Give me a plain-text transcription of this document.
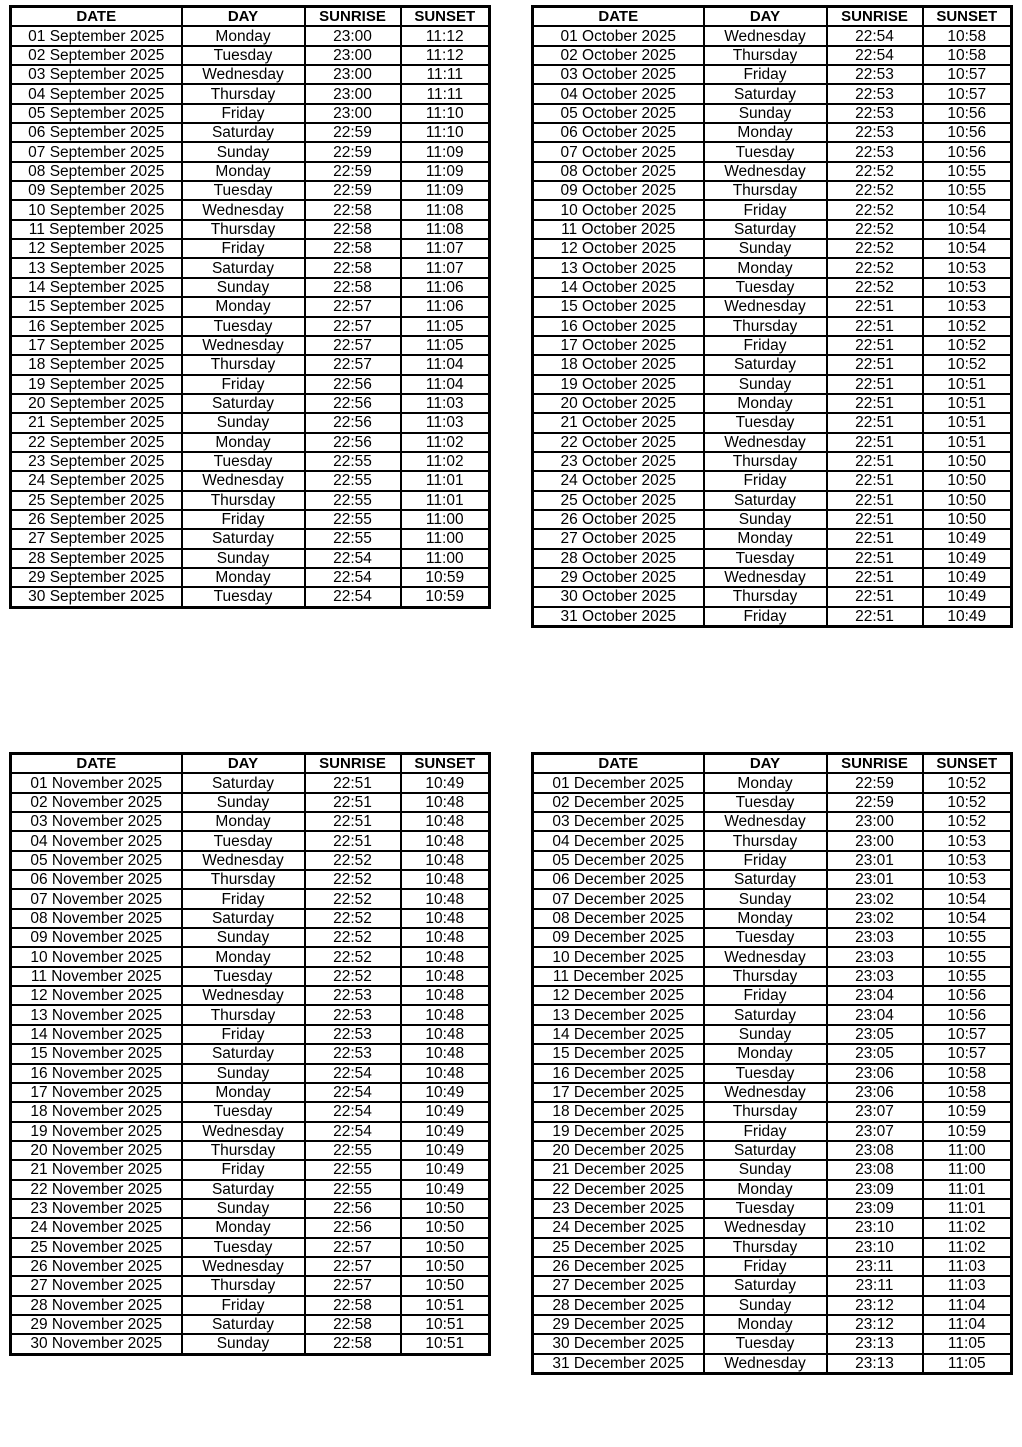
DATE	DAY	SUNRISE	SUNSET
01 September 2025	Monday	23:00	11:12
02 September 2025	Tuesday	23:00	11:12
03 September 2025	Wednesday	23:00	11:11
04 September 2025	Thursday	23:00	11:11
05 September 2025	Friday	23:00	11:10
06 September 2025	Saturday	22:59	11:10
07 September 2025	Sunday	22:59	11:09
08 September 2025	Monday	22:59	11:09
09 September 2025	Tuesday	22:59	11:09
10 September 2025	Wednesday	22:58	11:08
11 September 2025	Thursday	22:58	11:08
12 September 2025	Friday	22:58	11:07
13 September 2025	Saturday	22:58	11:07
14 September 2025	Sunday	22:58	11:06
15 September 2025	Monday	22:57	11:06
16 September 2025	Tuesday	22:57	11:05
17 September 2025	Wednesday	22:57	11:05
18 September 2025	Thursday	22:57	11:04
19 September 2025	Friday	22:56	11:04
20 September 2025	Saturday	22:56	11:03
21 September 2025	Sunday	22:56	11:03
22 September 2025	Monday	22:56	11:02
23 September 2025	Tuesday	22:55	11:02
24 September 2025	Wednesday	22:55	11:01
25 September 2025	Thursday	22:55	11:01
26 September 2025	Friday	22:55	11:00
27 September 2025	Saturday	22:55	11:00
28 September 2025	Sunday	22:54	11:00
29 September 2025	Monday	22:54	10:59
30 September 2025	Tuesday	22:54	10:59
DATE	DAY	SUNRISE	SUNSET
01 October 2025	Wednesday	22:54	10:58
02 October 2025	Thursday	22:54	10:58
03 October 2025	Friday	22:53	10:57
04 October 2025	Saturday	22:53	10:57
05 October 2025	Sunday	22:53	10:56
06 October 2025	Monday	22:53	10:56
07 October 2025	Tuesday	22:53	10:56
08 October 2025	Wednesday	22:52	10:55
09 October 2025	Thursday	22:52	10:55
10 October 2025	Friday	22:52	10:54
11 October 2025	Saturday	22:52	10:54
12 October 2025	Sunday	22:52	10:54
13 October 2025	Monday	22:52	10:53
14 October 2025	Tuesday	22:52	10:53
15 October 2025	Wednesday	22:51	10:53
16 October 2025	Thursday	22:51	10:52
17 October 2025	Friday	22:51	10:52
18 October 2025	Saturday	22:51	10:52
19 October 2025	Sunday	22:51	10:51
20 October 2025	Monday	22:51	10:51
21 October 2025	Tuesday	22:51	10:51
22 October 2025	Wednesday	22:51	10:51
23 October 2025	Thursday	22:51	10:50
24 October 2025	Friday	22:51	10:50
25 October 2025	Saturday	22:51	10:50
26 October 2025	Sunday	22:51	10:50
27 October 2025	Monday	22:51	10:49
28 October 2025	Tuesday	22:51	10:49
29 October 2025	Wednesday	22:51	10:49
30 October 2025	Thursday	22:51	10:49
31 October 2025	Friday	22:51	10:49
DATE	DAY	SUNRISE	SUNSET
01 November 2025	Saturday	22:51	10:49
02 November 2025	Sunday	22:51	10:48
03 November 2025	Monday	22:51	10:48
04 November 2025	Tuesday	22:51	10:48
05 November 2025	Wednesday	22:52	10:48
06 November 2025	Thursday	22:52	10:48
07 November 2025	Friday	22:52	10:48
08 November 2025	Saturday	22:52	10:48
09 November 2025	Sunday	22:52	10:48
10 November 2025	Monday	22:52	10:48
11 November 2025	Tuesday	22:52	10:48
12 November 2025	Wednesday	22:53	10:48
13 November 2025	Thursday	22:53	10:48
14 November 2025	Friday	22:53	10:48
15 November 2025	Saturday	22:53	10:48
16 November 2025	Sunday	22:54	10:48
17 November 2025	Monday	22:54	10:49
18 November 2025	Tuesday	22:54	10:49
19 November 2025	Wednesday	22:54	10:49
20 November 2025	Thursday	22:55	10:49
21 November 2025	Friday	22:55	10:49
22 November 2025	Saturday	22:55	10:49
23 November 2025	Sunday	22:56	10:50
24 November 2025	Monday	22:56	10:50
25 November 2025	Tuesday	22:57	10:50
26 November 2025	Wednesday	22:57	10:50
27 November 2025	Thursday	22:57	10:50
28 November 2025	Friday	22:58	10:51
29 November 2025	Saturday	22:58	10:51
30 November 2025	Sunday	22:58	10:51
DATE	DAY	SUNRISE	SUNSET
01 December 2025	Monday	22:59	10:52
02 December 2025	Tuesday	22:59	10:52
03 December 2025	Wednesday	23:00	10:52
04 December 2025	Thursday	23:00	10:53
05 December 2025	Friday	23:01	10:53
06 December 2025	Saturday	23:01	10:53
07 December 2025	Sunday	23:02	10:54
08 December 2025	Monday	23:02	10:54
09 December 2025	Tuesday	23:03	10:55
10 December 2025	Wednesday	23:03	10:55
11 December 2025	Thursday	23:03	10:55
12 December 2025	Friday	23:04	10:56
13 December 2025	Saturday	23:04	10:56
14 December 2025	Sunday	23:05	10:57
15 December 2025	Monday	23:05	10:57
16 December 2025	Tuesday	23:06	10:58
17 December 2025	Wednesday	23:06	10:58
18 December 2025	Thursday	23:07	10:59
19 December 2025	Friday	23:07	10:59
20 December 2025	Saturday	23:08	11:00
21 December 2025	Sunday	23:08	11:00
22 December 2025	Monday	23:09	11:01
23 December 2025	Tuesday	23:09	11:01
24 December 2025	Wednesday	23:10	11:02
25 December 2025	Thursday	23:10	11:02
26 December 2025	Friday	23:11	11:03
27 December 2025	Saturday	23:11	11:03
28 December 2025	Sunday	23:12	11:04
29 December 2025	Monday	23:12	11:04
30 December 2025	Tuesday	23:13	11:05
31 December 2025	Wednesday	23:13	11:05
